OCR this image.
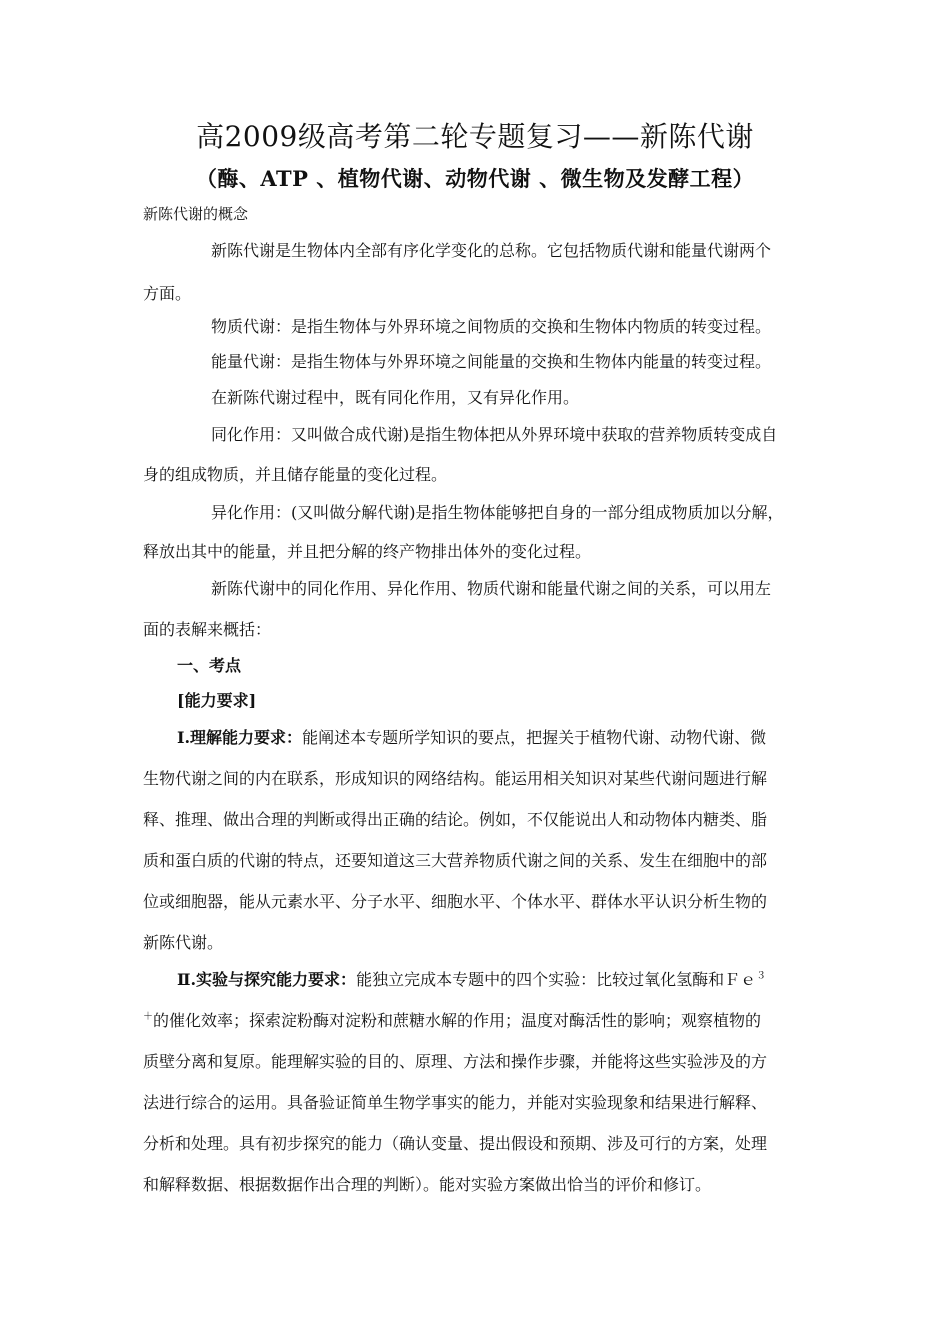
高2009级高考第二轮专题复习——新陈代谢
（酶、ATP 、植物代谢、动物代谢 、微生物及发酵工程）
新陈代谢的概念
新陈代谢是生物体内全部有序化学变化的总称。它包括物质代谢和能量代谢两个
方面。
物质代谢：是指生物体与外界环境之间物质的交换和生物体内物质的转变过程。
能量代谢：是指生物体与外界环境之间能量的交换和生物体内能量的转变过程。
在新陈代谢过程中，既有同化作用，又有异化作用。
同化作用：又叫做合成代谢)是指生物体把从外界环境中获取的营养物质转变成自
身的组成物质，并且储存能量的变化过程。
异化作用：(又叫做分解代谢)是指生物体能够把自身的一部分组成物质加以分解，
释放出其中的能量，并且把分解的终产物排出体外的变化过程。
新陈代谢中的同化作用、异化作用、物质代谢和能量代谢之间的关系，可以用左
面的表解来概括：
一、考点
[能力要求]
Ⅰ.理解能力要求：能阐述本专题所学知识的要点，把握关于植物代谢、动物代谢、微
生物代谢之间的内在联系，形成知识的网络结构。能运用相关知识对某些代谢问题进行解
释、推理、做出合理的判断或得出正确的结论。例如，不仅能说出人和动物体内糖类、脂
质和蛋白质的代谢的特点，还要知道这三大营养物质代谢之间的关系、发生在细胞中的部
位或细胞器，能从元素水平、分子水平、细胞水平、个体水平、群体水平认识分析生物的
新陈代谢。
Ⅱ.实验与探究能力要求：能独立完成本专题中的四个实验：比较过氧化氢酶和Ｆｅ$^3$
＋的催化效率；探索淀粉酶对淀粉和蔗糖水解的作用；温度对酶活性的影响；观察植物的
质壁分离和复原。能理解实验的目的、原理、方法和操作步骤，并能将这些实验涉及的方
法进行综合的运用。具备验证简单生物学事实的能力，并能对实验现象和结果进行解释、
分析和处理。具有初步探究的能力（确认变量、提出假设和预期、涉及可行的方案，处理
和解释数据、根据数据作出合理的判断）。能对实验方案做出恰当的评价和修订。
